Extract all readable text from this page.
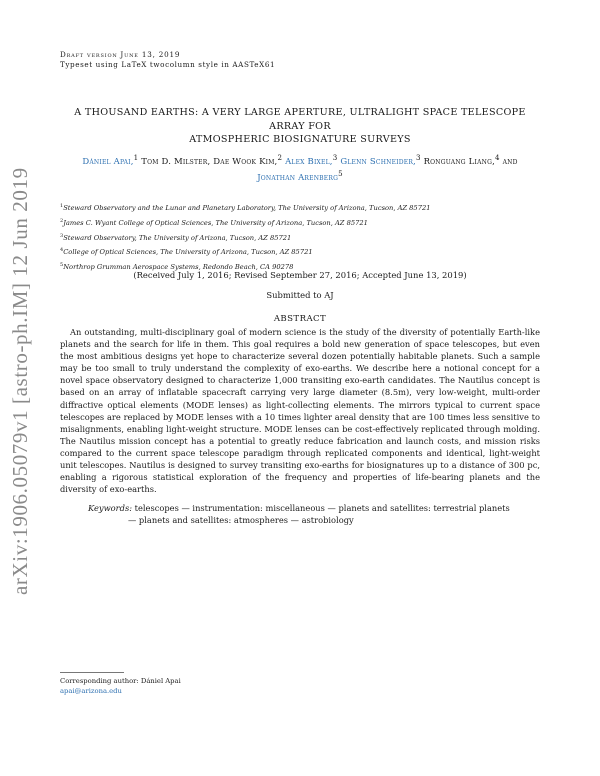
Draft version June 13, 2019
Typeset using LaTeX twocolumn style in AASTeX61
arXiv:1906.05079v1 [astro-ph.IM] 12 Jun 2019
A THOUSAND EARTHS: A VERY LARGE APERTURE, ULTRALIGHT SPACE TELESCOPE ARRAY FOR
ATMOSPHERIC BIOSIGNATURE SURVEYS
Dániel Apai,$^1$ Tom D. Milster, Dae Wook Kim,$^2$ Alex Bixel,$^3$ Glenn Schneider,$^3$ Ronguang Liang,$^4$ and
Jonathan Arenberg$^5$
$^1$Steward Observatory and the Lunar and Planetary Laboratory, The University of Arizona, Tucson, AZ 85721
$^2$James C. Wyant College of Optical Sciences, The University of Arizona, Tucson, AZ 85721
$^3$Steward Observatory, The University of Arizona, Tucson, AZ 85721
$^4$College of Optical Sciences, The University of Arizona, Tucson, AZ 85721
$^5$Northrop Grumman Aerospace Systems, Redondo Beach, CA 90278
(Received July 1, 2016; Revised September 27, 2016; Accepted June 13, 2019)
Submitted to AJ
ABSTRACT
An outstanding, multi-disciplinary goal of modern science is the study of the diversity of potentially Earth-like planets and the search for life in them. This goal requires a bold new generation of space telescopes, but even the most ambitious designs yet hope to characterize several dozen potentially habitable planets. Such a sample may be too small to truly understand the complexity of exo-earths. We describe here a notional concept for a novel space observatory designed to characterize 1,000 transiting exo-earth candidates. The Nautilus concept is based on an array of inflatable spacecraft carrying very large diameter (8.5m), very low-weight, multi-order diffractive optical elements (MODE lenses) as light-collecting elements. The mirrors typical to current space telescopes are replaced by MODE lenses with a 10 times lighter areal density that are 100 times less sensitive to misalignments, enabling light-weight structure. MODE lenses can be cost-effectively replicated through molding. The Nautilus mission concept has a potential to greatly reduce fabrication and launch costs, and mission risks compared to the current space telescope paradigm through replicated components and identical, light-weight unit telescopes. Nautilus is designed to survey transiting exo-earths for biosignatures up to a distance of 300 pc, enabling a rigorous statistical exploration of the frequency and properties of life-bearing planets and the diversity of exo-earths.
Keywords: telescopes — instrumentation: miscellaneous — planets and satellites: terrestrial planets
— planets and satellites: atmospheres — astrobiology
Corresponding author: Dániel Apai
apai@arizona.edu
